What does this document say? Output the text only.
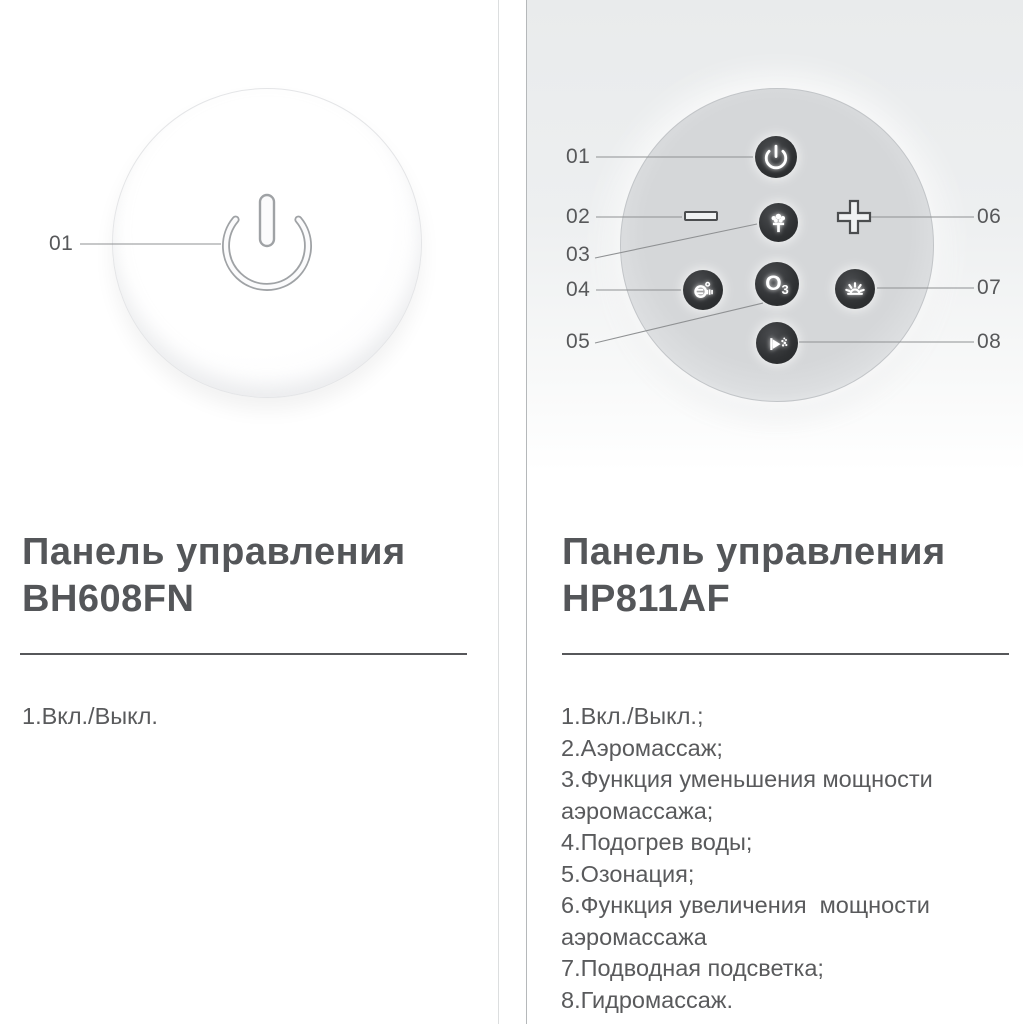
01
$O_3$
01
02
03
04
05
06
07
08
Панель управления
BH608FN
1.Вкл./Выкл.
Панель управления
HP811AF
1.Вкл./Выкл.;
2.Аэромассаж;
3.Функция уменьшения мощности аэромассажа;
4.Подогрев воды;
5.Озонация;
6.Функция увеличения  мощности аэромассажа
7.Подводная подсветка;
8.Гидромассаж.
